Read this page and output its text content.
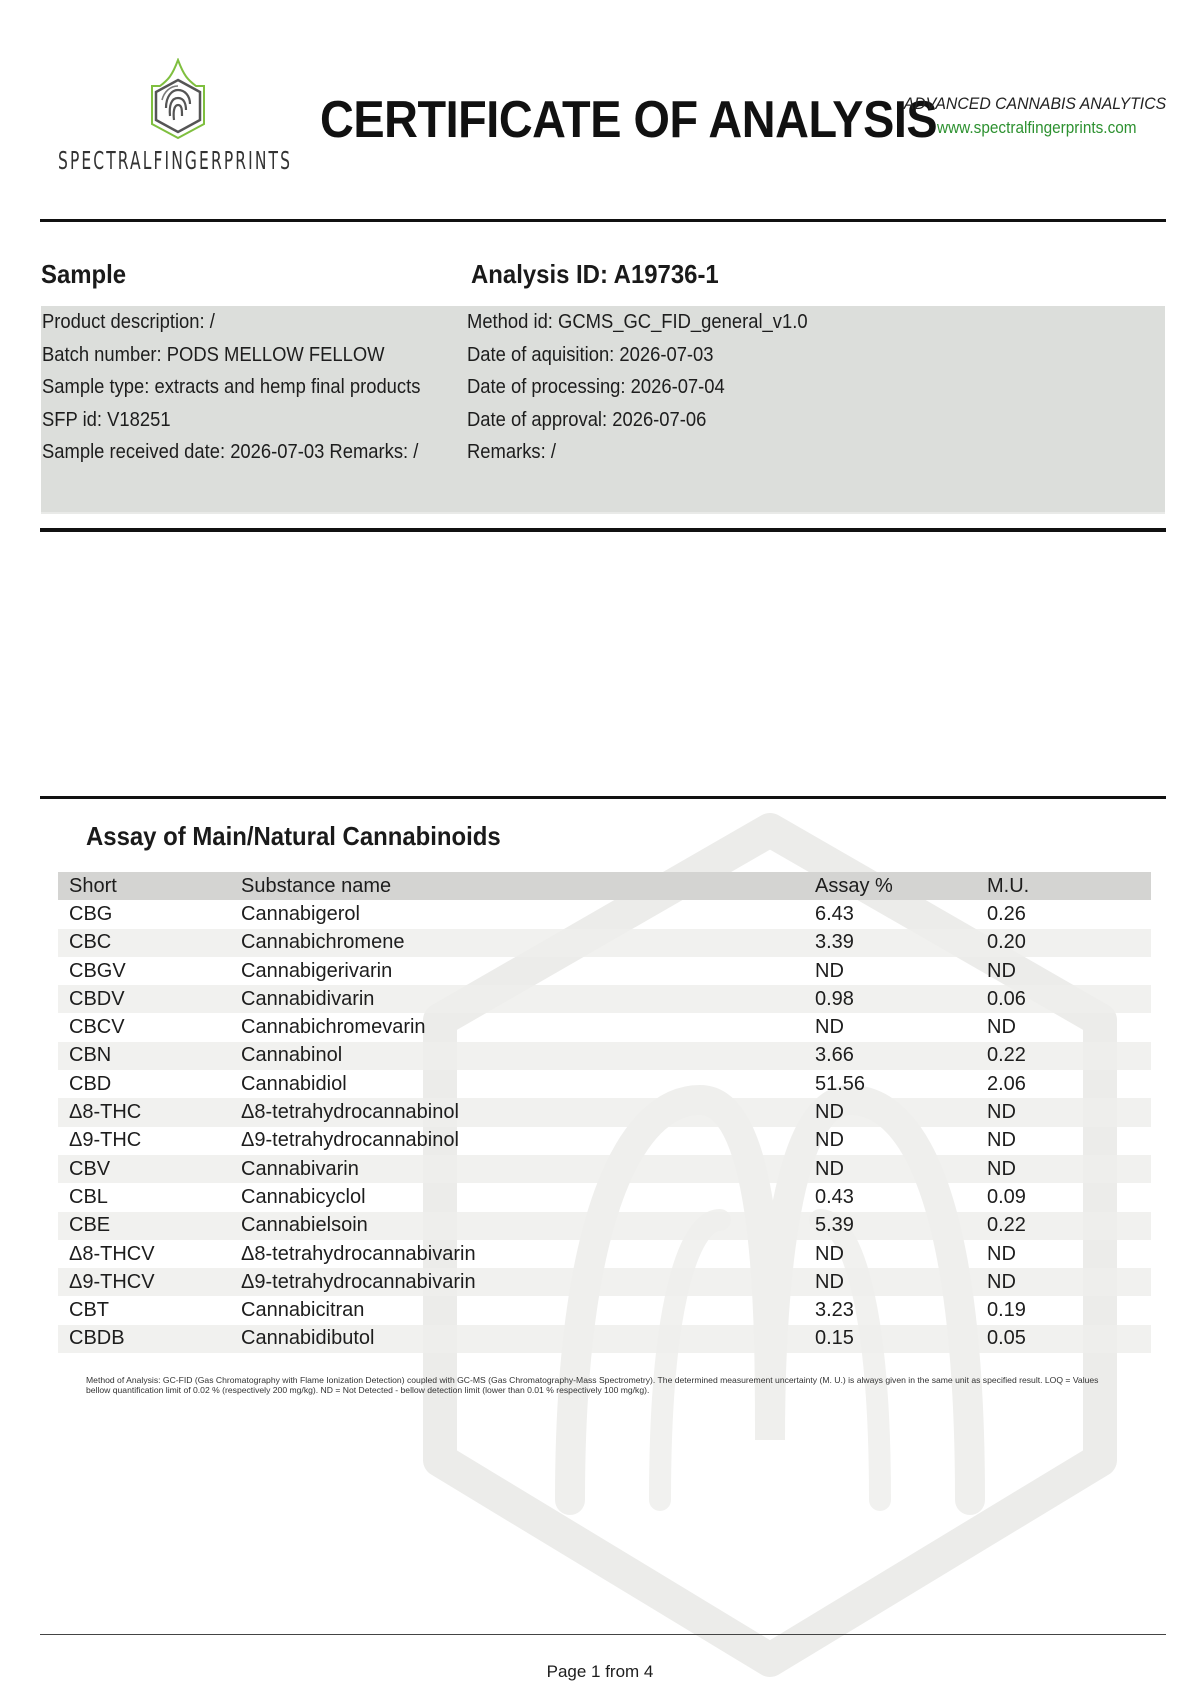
SPECTRALFINGERPRINTS
CERTIFICATE OF ANALYSIS
ADVANCED CANNABIS ANALYTICS
www.spectralfingerprints.com
Sample	Analysis ID: A19736-1
Product description: /
Batch number: PODS MELLOW FELLOW
Sample type: extracts and hemp final products
SFP id: V18251
Sample received date: 2026-07-03 Remarks: /
Method id: GCMS_GC_FID_general_v1.0
Date of aquisition: 2026-07-03
Date of processing: 2026-07-04
Date of approval: 2026-07-06
Remarks: /
Assay of Main/Natural Cannabinoids
Short	Substance name	Assay %	M.U.
CBG	Cannabigerol	6.43	0.26
CBC	Cannabichromene	3.39	0.20
CBGV	Cannabigerivarin	ND	ND
CBDV	Cannabidivarin	0.98	0.06
CBCV	Cannabichromevarin	ND	ND
CBN	Cannabinol	3.66	0.22
CBD	Cannabidiol	51.56	2.06
Δ8-THC	Δ8-tetrahydrocannabinol	ND	ND
Δ9-THC	Δ9-tetrahydrocannabinol	ND	ND
CBV	Cannabivarin	ND	ND
CBL	Cannabicyclol	0.43	0.09
CBE	Cannabielsoin	5.39	0.22
Δ8-THCV	Δ8-tetrahydrocannabivarin	ND	ND
Δ9-THCV	Δ9-tetrahydrocannabivarin	ND	ND
CBT	Cannabicitran	3.23	0.19
CBDB	Cannabidibutol	0.15	0.05
Method of Analysis: GC-FID (Gas Chromatography with Flame Ionization Detection) coupled with GC-MS (Gas Chromatography-Mass Spectrometry). The determined measurement uncertainty (M. U.) is always given in the same unit as specified result. LOQ = Values bellow quantification limit of 0.02 % (respectively 200 mg/kg). ND = Not Detected - bellow detection limit (lower than 0.01 % respectively 100 mg/kg).
Page 1 from 4
